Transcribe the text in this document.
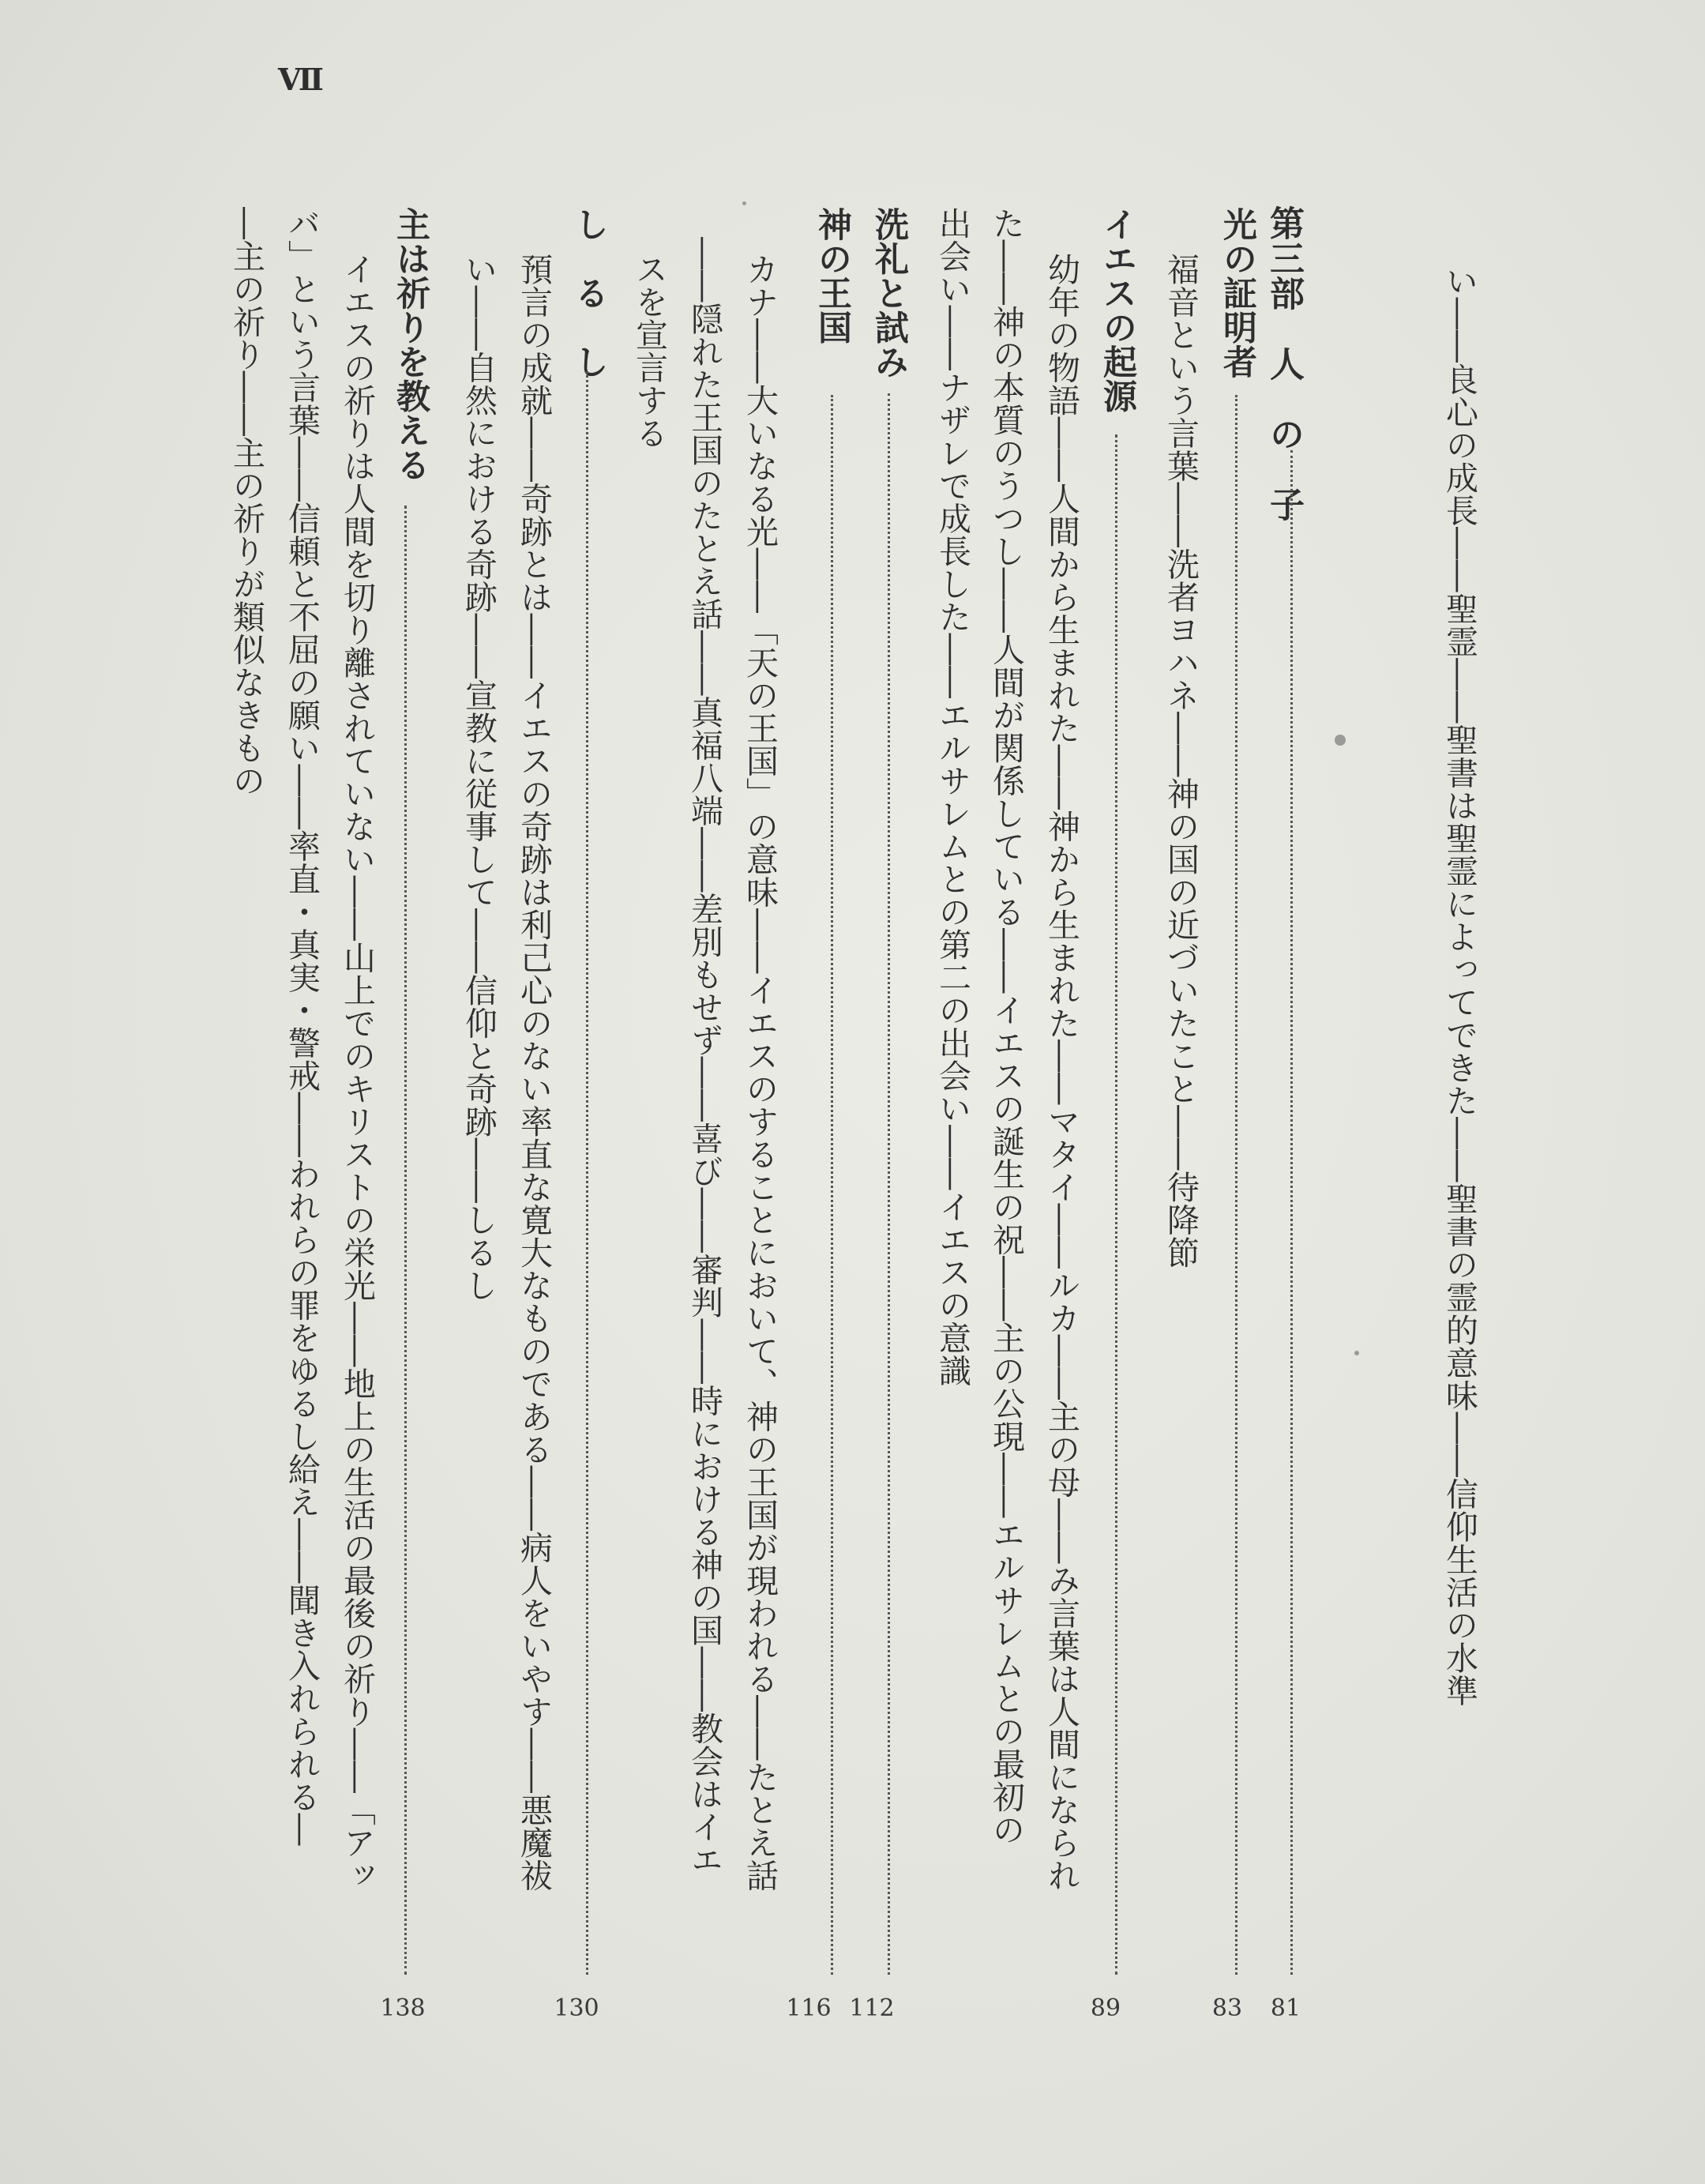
Ⅶ
い――良心の成長――聖霊――聖書は聖霊によってできた――聖書の霊的意味――信仰生活の水準
第三部　人　の　子
81
光の証明者
83
福音という言葉――洗者ヨハネ――神の国の近づいたこと――待降節
イエスの起源
89
幼年の物語――人間から生まれた――神から生まれた――マタイ――ルカ――主の母――み言葉は人間になられ
た――神の本質のうつし――人間が関係している――イエスの誕生の祝――主の公現――エルサレムとの最初の
出会い――ナザレで成長した――エルサレムとの第二の出会い――イエスの意識
洗礼と試み
112
神の王国
116
カナ――大いなる光――「天の王国」の意味――イエスのすることにおいて、神の王国が現われる――たとえ話
――隠れた王国のたとえ話――真福八端――差別もせず――喜び――審判――時における神の国――教会はイエ
スを宣言する
し　る　し
130
預言の成就――奇跡とは――イエスの奇跡は利己心のない率直な寛大なものである――病人をいやす――悪魔祓
い――自然における奇跡――宣教に従事して――信仰と奇跡――しるし
主は祈りを教える
138
イエスの祈りは人間を切り離されていない――山上でのキリストの栄光――地上の生活の最後の祈り――「アッ
バ」という言葉――信頼と不屈の願い――率直・真実・警戒――われらの罪をゆるし給え――聞き入れられる―
―主の祈り――主の祈りが類似なきもの
